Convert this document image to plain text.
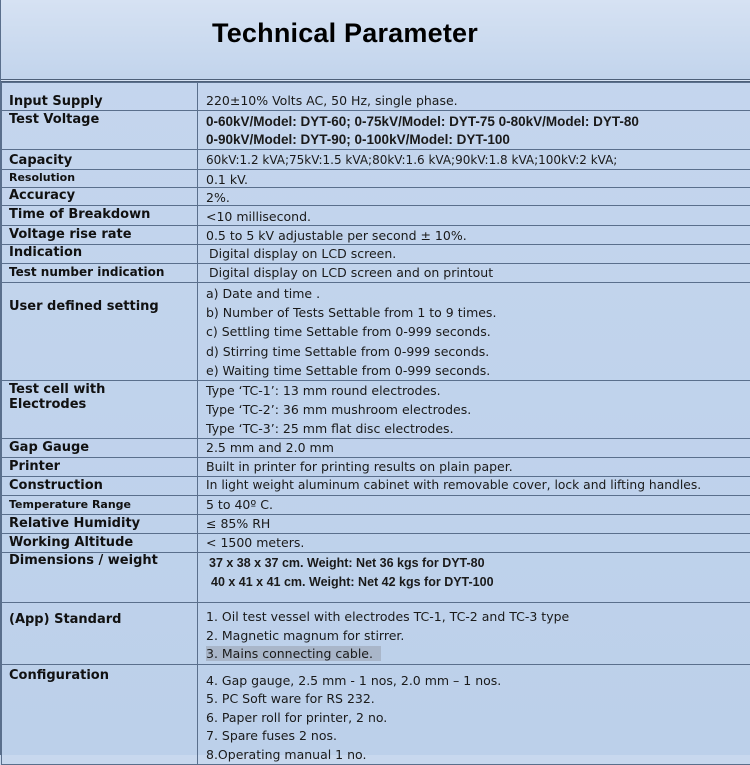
Technical Parameter
Input Supply	220±10% Volts AC, 50 Hz, single phase.
Test Voltage	0-60kV/Model: DYT-60; 0-75kV/Model: DYT-75 0-80kV/Model: DYT-80
0-90kV/Model: DYT-90; 0-100kV/Model: DYT-100

Capacity	60kV:1.2 kVA;75kV:1.5 kVA;80kV:1.6 kVA;90kV:1.8 kVA;100kV:2 kVA;
Resolution	0.1 kV.
Accuracy	2%.
Time of Breakdown	<10 millisecond.
Voltage rise rate	0.5 to 5 kV adjustable per second ± 10%.
Indication	Digital display on LCD screen.
Test number indication	Digital display on LCD screen and on printout
User defined setting	a) Date and time .
b) Number of Tests Settable from 1 to 9 times.
c) Settling time Settable from 0-999 seconds.
d) Stirring time Settable from 0-999 seconds.
e) Waiting time Settable from 0-999 seconds.

Test cell with
Electrodes	Type ‘TC-1’: 13 mm round electrodes.
Type ‘TC-2’: 36 mm mushroom electrodes.
Type ‘TC-3’: 25 mm flat disc electrodes.

Gap Gauge	2.5 mm and 2.0 mm
Printer	Built in printer for printing results on plain paper.
Construction	In light weight aluminum cabinet with removable cover, lock and lifting handles.
Temperature Range	5 to 40º C.
Relative Humidity	≤ 85% RH
Working Altitude	< 1500 meters.
Dimensions / weight	37 x 38 x 37 cm. Weight: Net 36 kgs for DYT-80
40 x 41 x 41 cm. Weight: Net 42 kgs for DYT-100

(App) Standard	1. Oil test vessel with electrodes TC-1, TC-2 and TC-3 type
2. Magnetic magnum for stirrer.
3. Mains connecting cable.

Configuration	4. Gap gauge, 2.5 mm - 1 nos, 2.0 mm – 1 nos.
5. PC Soft ware for RS 232.
6. Paper roll for printer, 2 no.
7. Spare fuses 2 nos.
8.Operating manual 1 no.
